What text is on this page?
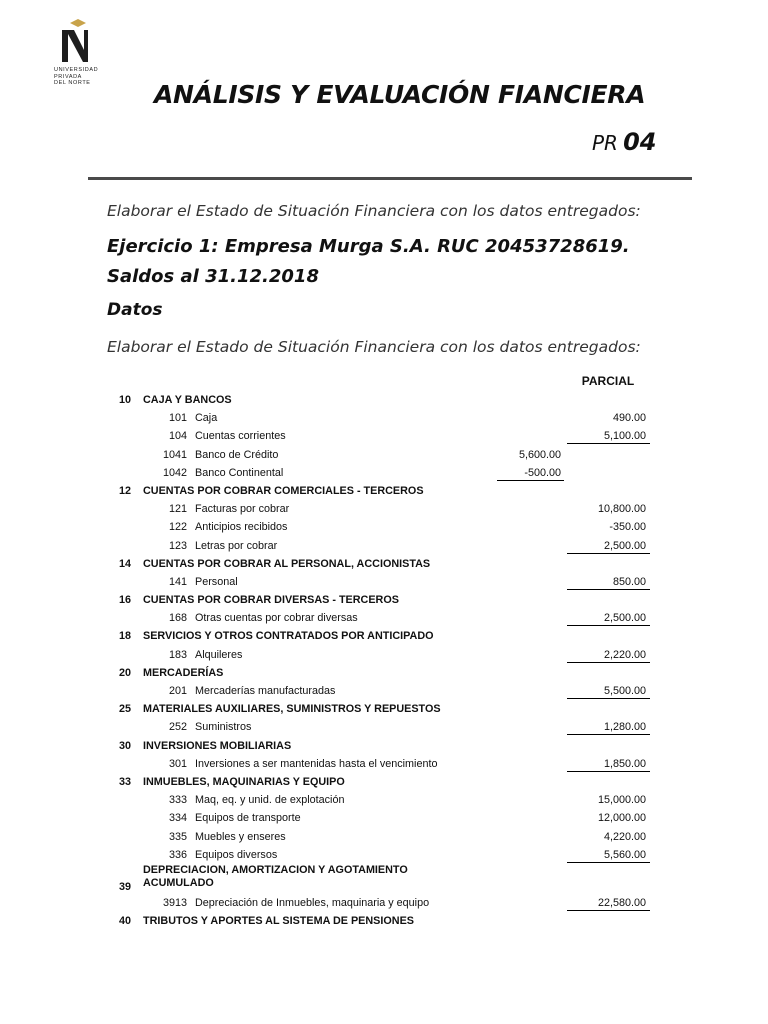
UNIVERSIDAD
PRIVADA
DEL NORTE	ANÁLISIS Y EVALUACIÓN FIANCIERA
PR 04
Elaborar el Estado de Situación Financiera con los datos entregados:
Ejercicio 1: Empresa Murga S.A. RUC 20453728619. Saldos al 31.12.2018
Datos
Elaborar el Estado de Situación Financiera con los datos entregados:
PARCIAL
10 CAJA Y BANCOS
101 Caja	490.00
104 Cuentas corrientes	5,100.00
1041 Banco de Crédito	5,600.00
1042 Banco Continental	-500.00
12 CUENTAS POR COBRAR COMERCIALES - TERCEROS
121 Facturas por cobrar	10,800.00
122 Anticipios recibidos	-350.00
123 Letras por cobrar	2,500.00
14 CUENTAS POR COBRAR AL PERSONAL, ACCIONISTAS
141 Personal	850.00
16 CUENTAS POR COBRAR DIVERSAS - TERCEROS
168 Otras cuentas por cobrar diversas	2,500.00
18 SERVICIOS Y OTROS CONTRATADOS POR ANTICIPADO
183 Alquileres	2,220.00
20 MERCADERÍAS
201 Mercaderías manufacturadas	5,500.00
25 MATERIALES AUXILIARES, SUMINISTROS Y REPUESTOS
252 Suministros	1,280.00
30 INVERSIONES MOBILIARIAS
301 Inversiones a ser mantenidas hasta el vencimiento	1,850.00
33 INMUEBLES, MAQUINARIAS Y EQUIPO
333 Maq, eq. y unid. de explotación	15,000.00
334 Equipos de transporte	12,000.00
335 Muebles y enseres	4,220.00
336 Equipos diversos	5,560.00
39
DEPRECIACION, AMORTIZACION Y AGOTAMIENTO
ACUMULADO
3913 Depreciación de Inmuebles, maquinaria y equipo	22,580.00
40 TRIBUTOS Y APORTES AL SISTEMA DE PENSIONES
